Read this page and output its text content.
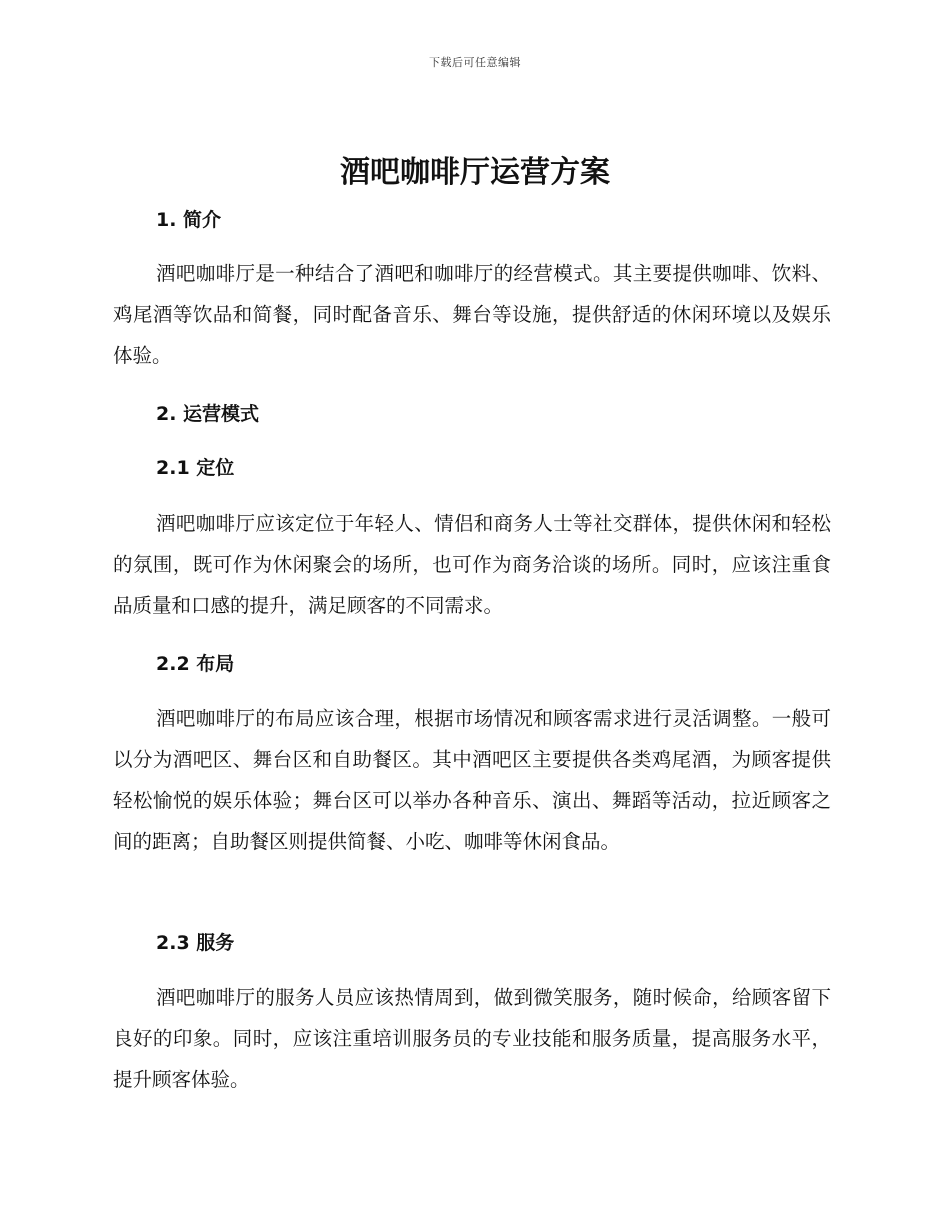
下载后可任意编辑
酒吧咖啡厅运营方案
1. 简介

酒吧咖啡厅是一种结合了酒吧和咖啡厅的经营模式。其主要提供咖啡、饮料、鸡尾酒等饮品和简餐，同时配备音乐、舞台等设施，提供舒适的休闲环境以及娱乐体验。

2. 运营模式
2.1 定位

酒吧咖啡厅应该定位于年轻人、情侣和商务人士等社交群体，提供休闲和轻松的氛围，既可作为休闲聚会的场所，也可作为商务洽谈的场所。同时，应该注重食品质量和口感的提升，满足顾客的不同需求。

2.2 布局

酒吧咖啡厅的布局应该合理，根据市场情况和顾客需求进行灵活调整。一般可以分为酒吧区、舞台区和自助餐区。其中酒吧区主要提供各类鸡尾酒，为顾客提供轻松愉悦的娱乐体验；舞台区可以举办各种音乐、演出、舞蹈等活动，拉近顾客之间的距离；自助餐区则提供简餐、小吃、咖啡等休闲食品。

2.3 服务

酒吧咖啡厅的服务人员应该热情周到，做到微笑服务，随时候命，给顾客留下良好的印象。同时，应该注重培训服务员的专业技能和服务质量，提高服务水平，提升顾客体验。
